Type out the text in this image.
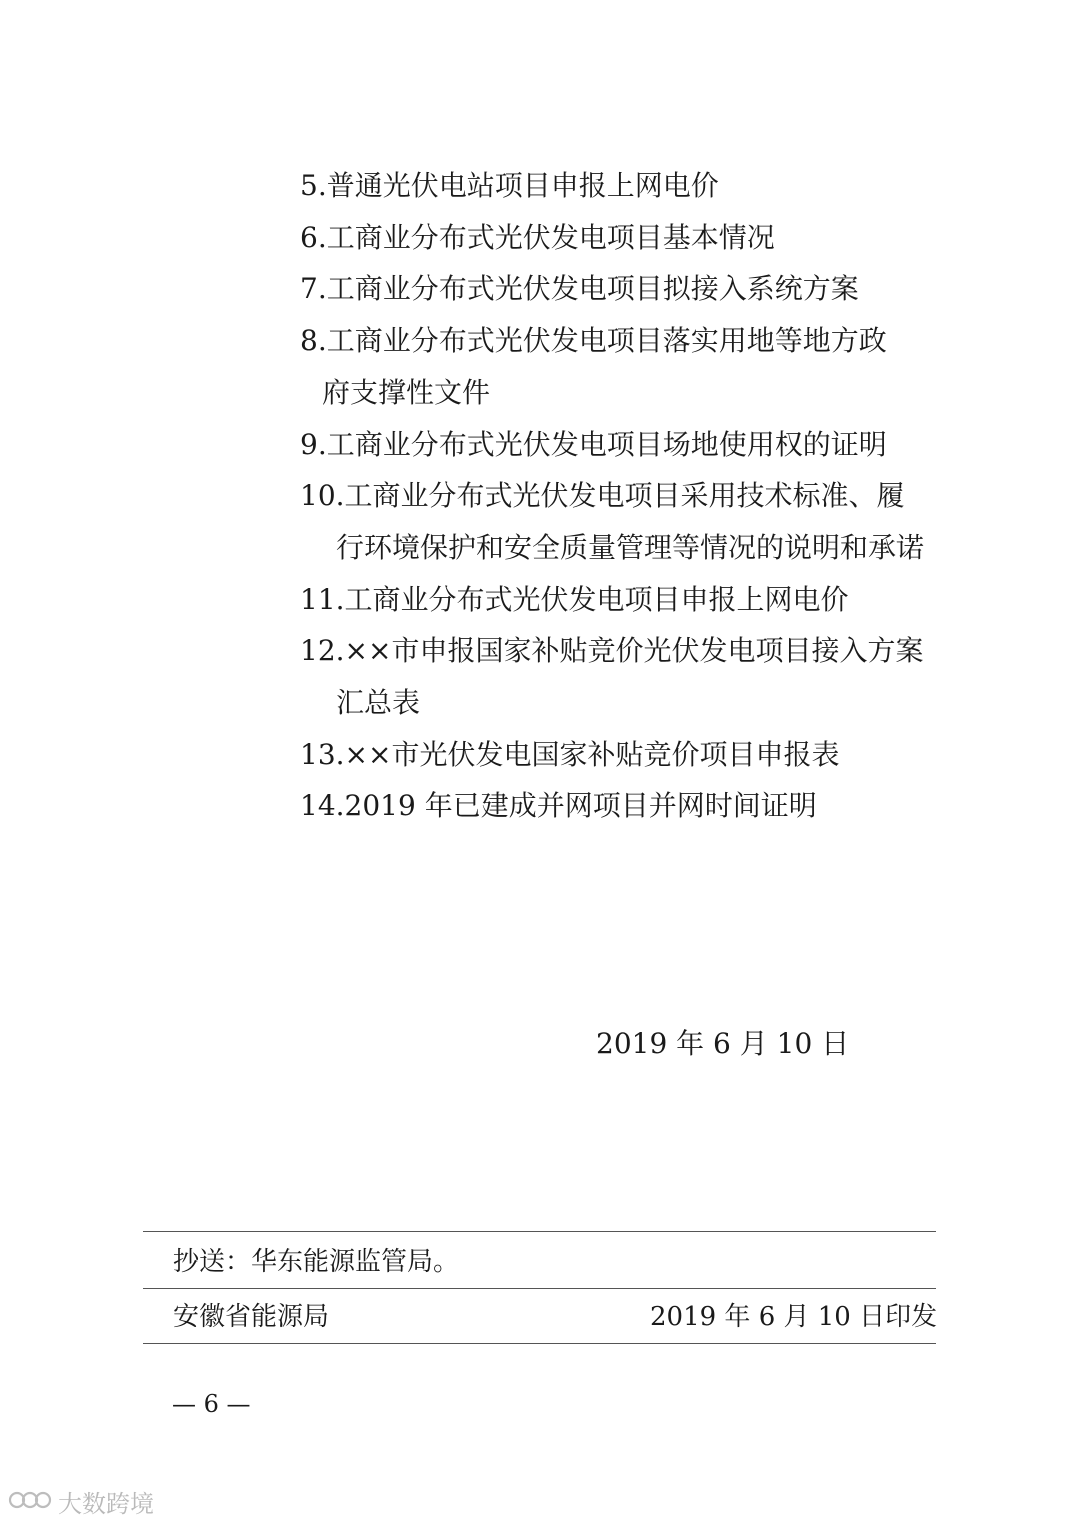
5.普通光伏电站项目申报上网电价
6.工商业分布式光伏发电项目基本情况
7.工商业分布式光伏发电项目拟接入系统方案
8.工商业分布式光伏发电项目落实用地等地方政
府支撑性文件
9.工商业分布式光伏发电项目场地使用权的证明
10.工商业分布式光伏发电项目采用技术标准、履
行环境保护和安全质量管理等情况的说明和承诺
11.工商业分布式光伏发电项目申报上网电价
12.××市申报国家补贴竞价光伏发电项目接入方案
汇总表
13.××市光伏发电国家补贴竞价项目申报表
14.2019 年已建成并网项目并网时间证明
2019 年 6 月 10 日
抄送：华东能源监管局。
安徽省能源局	2019 年 6 月 10 日印发
— 6 —
大数跨境
